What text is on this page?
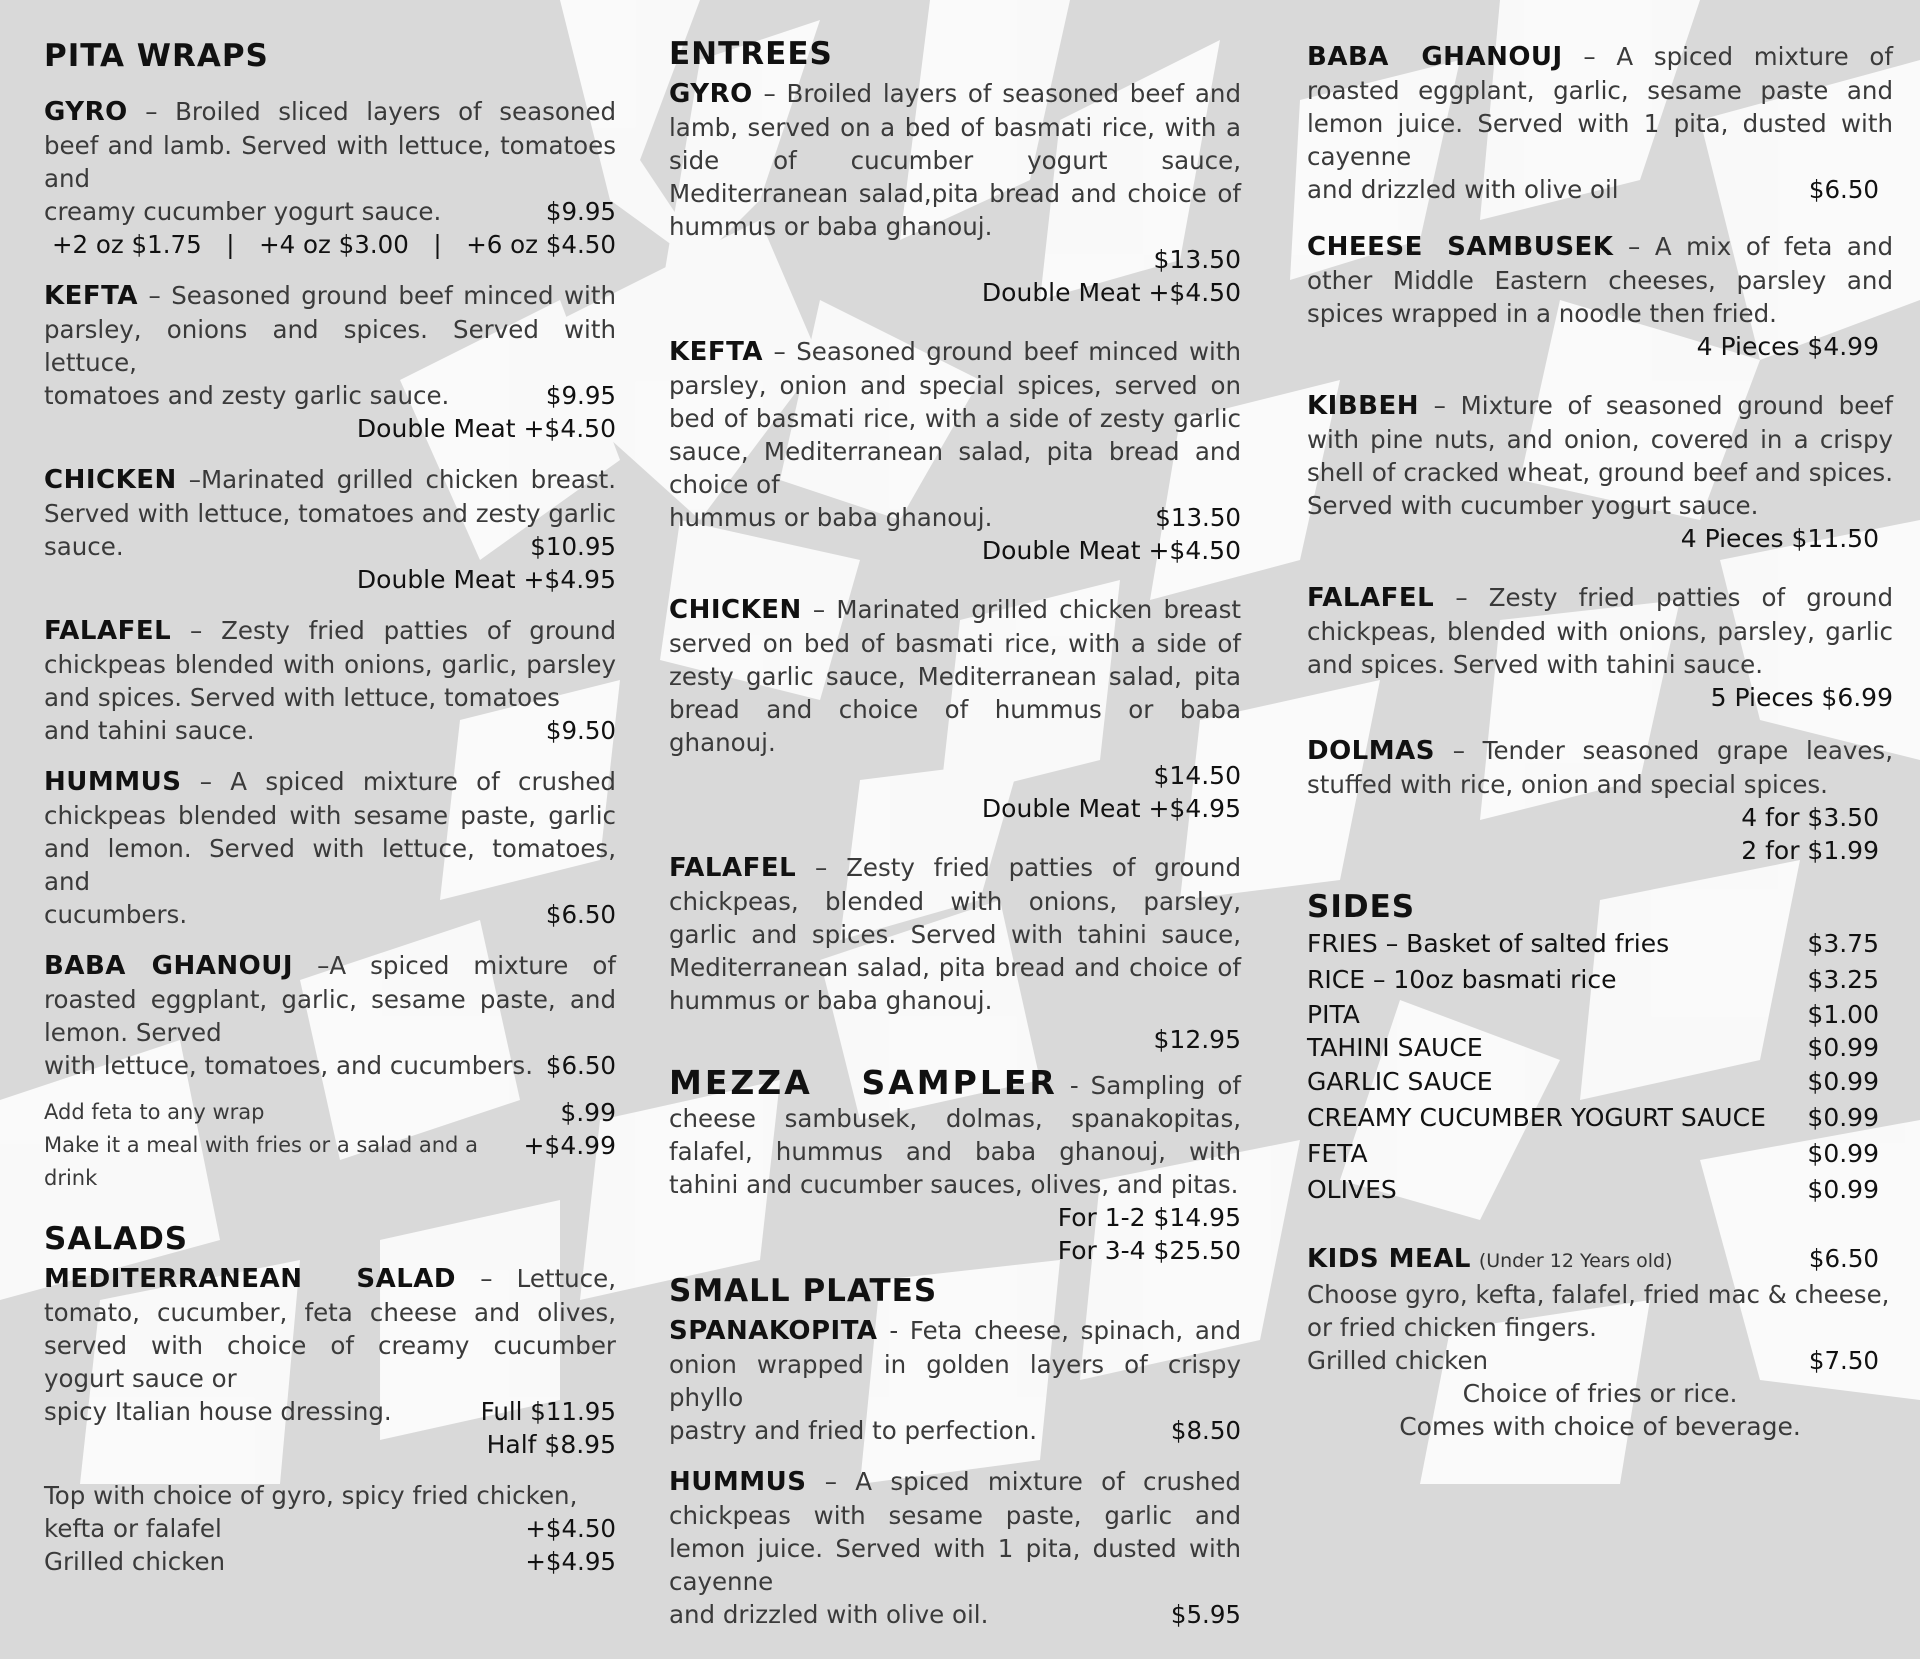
PITA WRAPS
GYRO – Broiled sliced layers of seasoned beef and lamb. Served with lettuce, tomatoes and
creamy cucumber yogurt sauce.	$9.95
+2 oz $1.75 | +4 oz $3.00 | +6 oz $4.50
KEFTA – Seasoned ground beef minced with parsley, onions and spices. Served with lettuce,
tomatoes and zesty garlic sauce.	$9.95
Double Meat +$4.50
CHICKEN –Marinated grilled chicken breast. Served with lettuce, tomatoes and zesty garlic
sauce.	$10.95
Double Meat +$4.95
FALAFEL – Zesty fried patties of ground chickpeas blended with onions, garlic, parsley and spices. Served with lettuce, tomatoes
and tahini sauce.	$9.50
HUMMUS – A spiced mixture of crushed chickpeas blended with sesame paste, garlic and lemon. Served with lettuce, tomatoes, and
cucumbers.	$6.50
BABA GHANOUJ –A spiced mixture of roasted eggplant, garlic, sesame paste, and lemon. Served
with lettuce, tomatoes, and cucumbers. $6.50
Add feta to any wrap	$.99
Make it a meal with fries or a salad and a drink
+$4.99
SALADS
MEDITERRANEAN SALAD – Lettuce, tomato, cucumber, feta cheese and olives, served with choice of creamy cucumber yogurt sauce or
spicy Italian house dressing.	Full $11.95
Half $8.95
Top with choice of gyro, spicy fried chicken,
kefta or falafel	+$4.50
Grilled chicken	+$4.95
ENTREES
GYRO – Broiled layers of seasoned beef and lamb, served on a bed of basmati rice, with a side of cucumber yogurt sauce, Mediterranean salad,pita bread and choice of hummus or baba ghanouj.
$13.50
Double Meat +$4.50
KEFTA – Seasoned ground beef minced with parsley, onion and special spices, served on bed of basmati rice, with a side of zesty garlic sauce, Mediterranean salad, pita bread and choice of
hummus or baba ghanouj.	$13.50
Double Meat +$4.50
CHICKEN – Marinated grilled chicken breast served on bed of basmati rice, with a side of zesty garlic sauce, Mediterranean salad, pita bread and choice of hummus or baba ghanouj.
$14.50
Double Meat +$4.95
FALAFEL – Zesty fried patties of ground chickpeas, blended with onions, parsley, garlic and spices. Served with tahini sauce, Mediterranean salad, pita bread and choice of hummus or baba ghanouj.
$12.95
MEZZA SAMPLER - Sampling of cheese sambusek, dolmas, spanakopitas, falafel, hummus and baba ghanouj, with tahini and cucumber sauces, olives, and pitas.
For 1-2 $14.95
For 3-4 $25.50
SMALL PLATES
SPANAKOPITA - Feta cheese, spinach, and onion wrapped in golden layers of crispy phyllo
pastry and fried to perfection.	$8.50
HUMMUS – A spiced mixture of crushed chickpeas with sesame paste, garlic and lemon juice. Served with 1 pita, dusted with cayenne
and drizzled with olive oil.	$5.95
BABA GHANOUJ – A spiced mixture of roasted eggplant, garlic, sesame paste and lemon juice. Served with 1 pita, dusted with cayenne
and drizzled with olive oil	$6.50
CHEESE SAMBUSEK – A mix of feta and other Middle Eastern cheeses, parsley and spices wrapped in a noodle then fried.
4 Pieces $4.99
KIBBEH – Mixture of seasoned ground beef with pine nuts, and onion, covered in a crispy shell of cracked wheat, ground beef and spices. Served with cucumber yogurt sauce.
4 Pieces $11.50
FALAFEL – Zesty fried patties of ground chickpeas, blended with onions, parsley, garlic and spices. Served with tahini sauce.
5 Pieces $6.99
DOLMAS – Tender seasoned grape leaves, stuffed with rice, onion and special spices.
4 for $3.50
2 for $1.99
SIDES
FRIES – Basket of salted fries	$3.75
RICE – 10oz basmati rice	$3.25
PITA	$1.00
TAHINI SAUCE	$0.99
GARLIC SAUCE	$0.99
CREAMY CUCUMBER YOGURT SAUCE $0.99
FETA	$0.99
OLIVES	$0.99
KIDS MEAL (Under 12 Years old)	$6.50
Choose gyro, kefta, falafel, fried mac & cheese, or fried chicken fingers.
Grilled chicken	$7.50
Choice of fries or rice.
Comes with choice of beverage.
